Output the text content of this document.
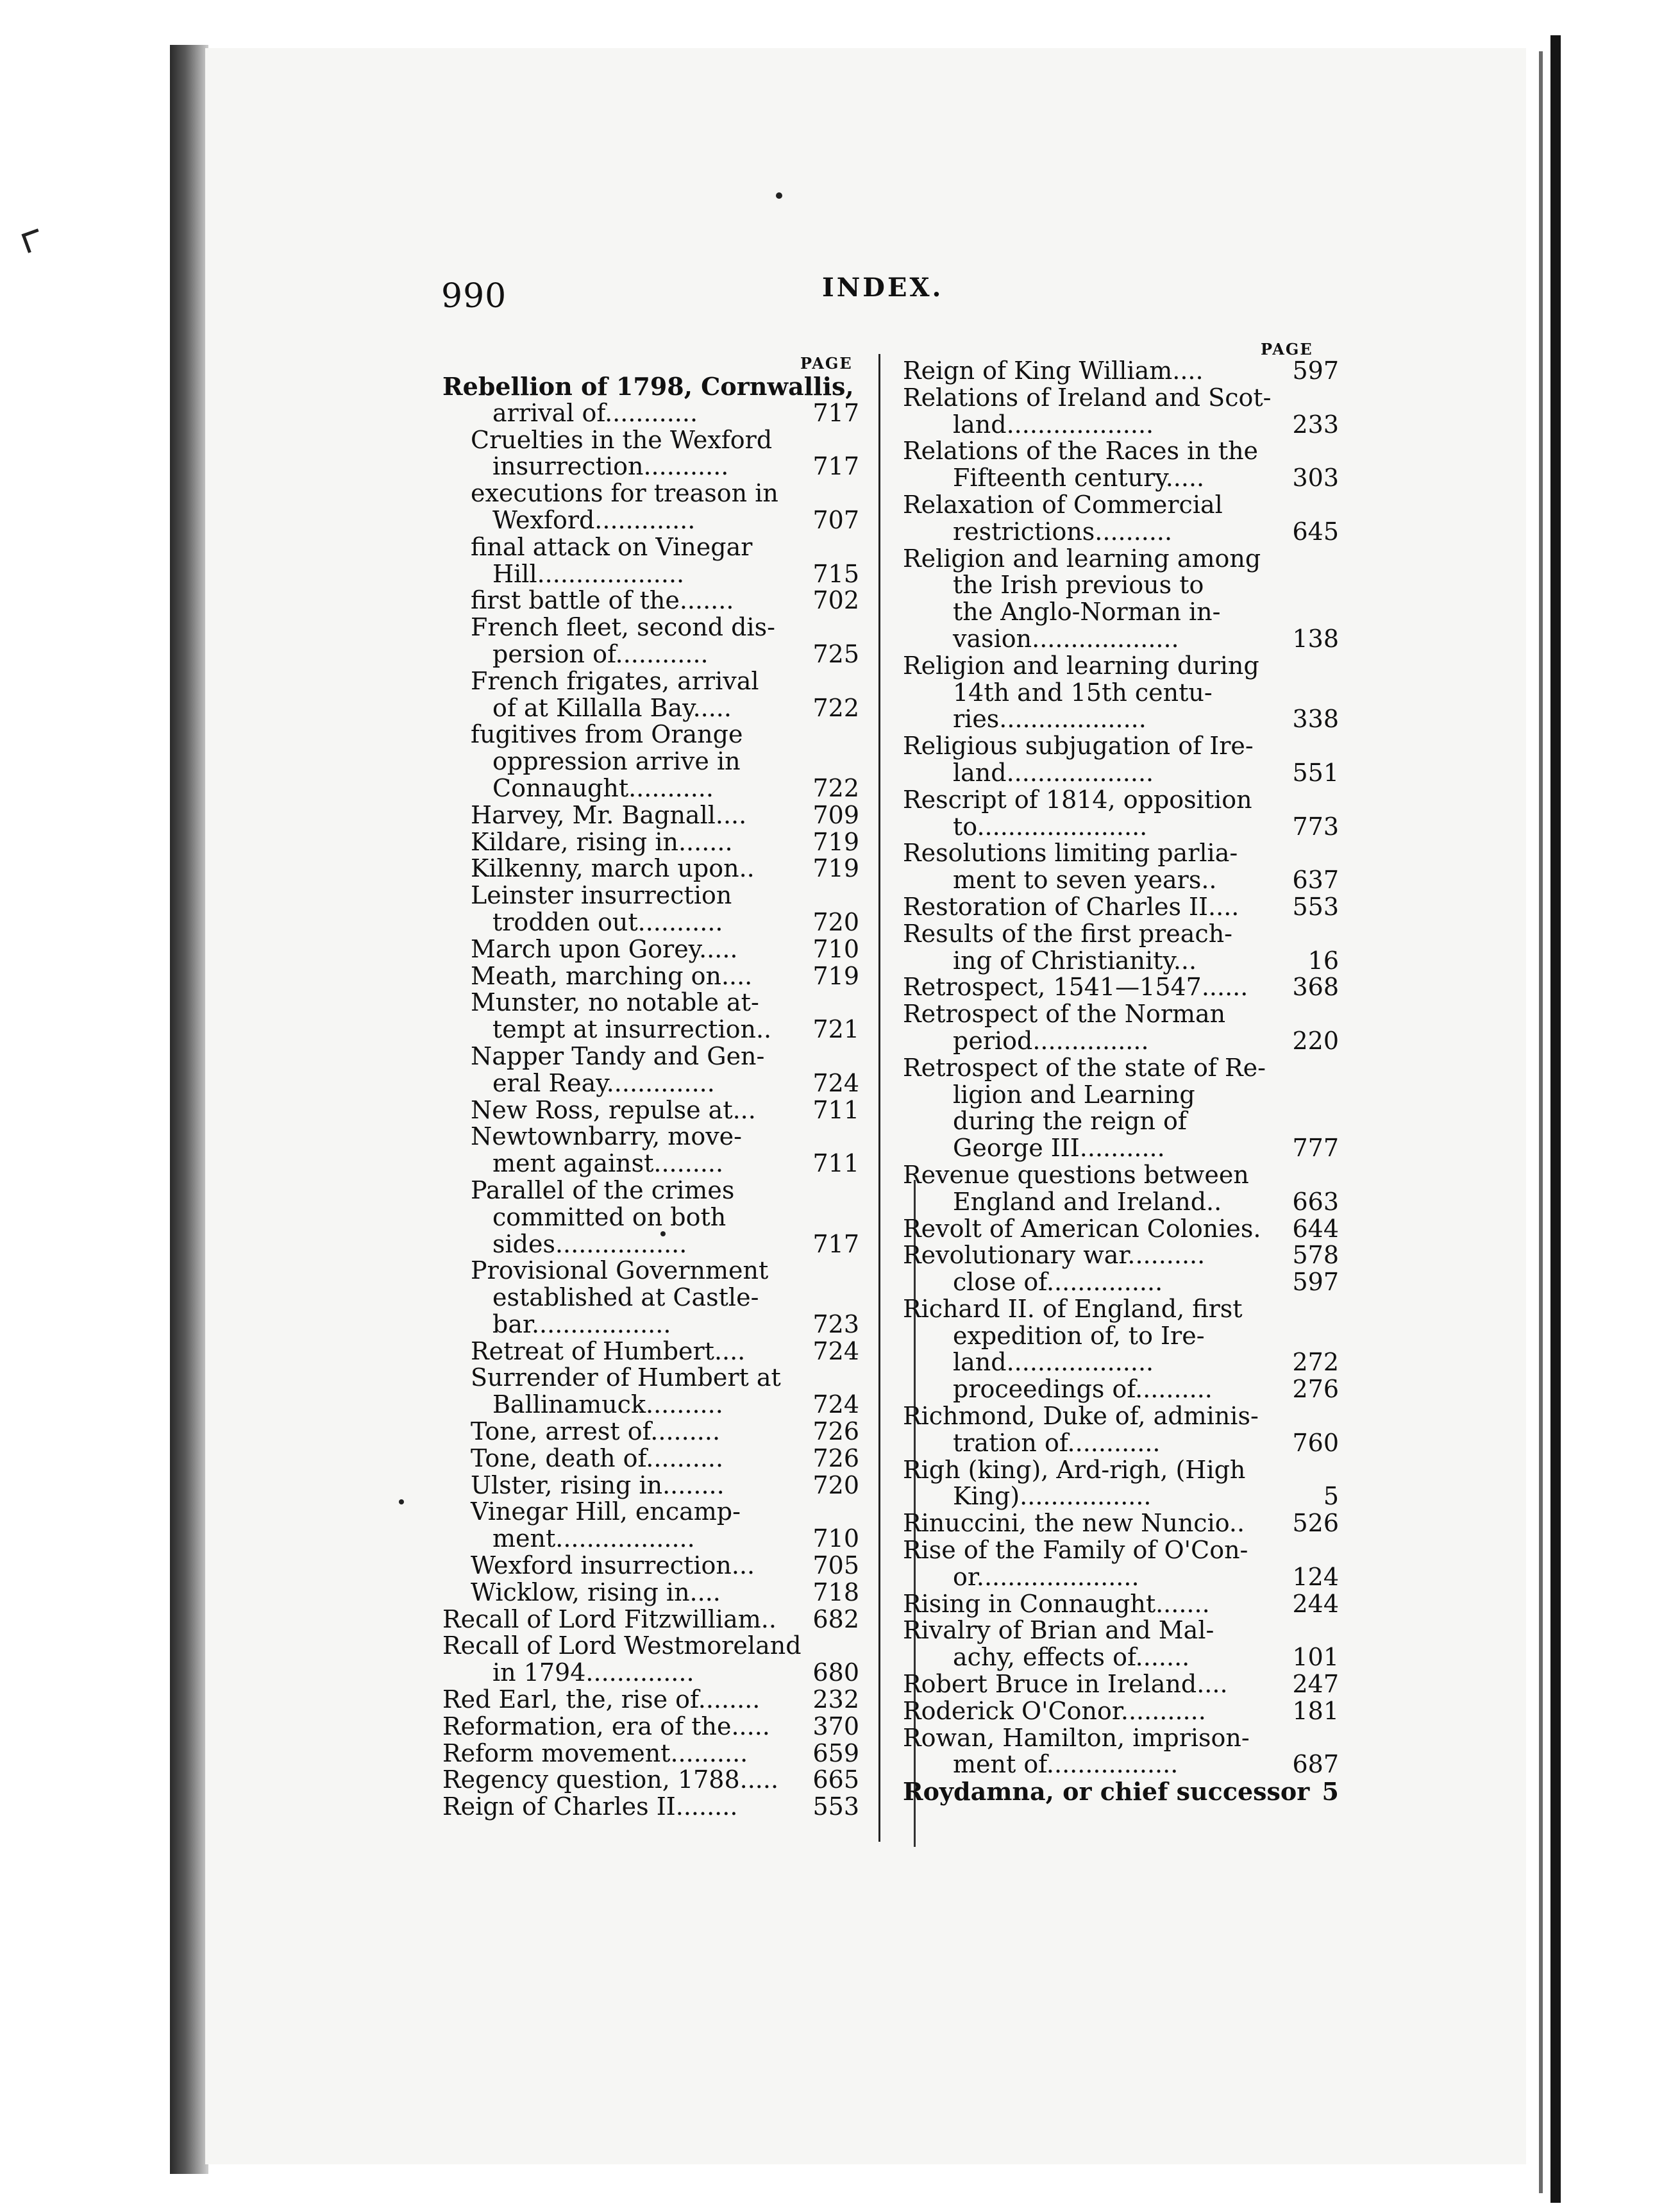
990	INDEX.
PAGE
PAGE
Rebellion of 1798, Cornwallis,
arrival of............	717
Cruelties in the Wexford
insurrection...........	717
executions for treason in
Wexford.............	707
final attack on Vinegar
Hill...................	715
first battle of the.......	702
French fleet, second dis-
persion of............	725
French frigates, arrival
of at Killalla Bay.....	722
fugitives from Orange
oppression arrive in
Connaught...........	722
Harvey, Mr. Bagnall....	709
Kildare, rising in.......	719
Kilkenny, march upon.. 719
Leinster insurrection
trodden out...........	720
March upon Gorey.....	710
Meath, marching on.... 719
Munster, no notable at-
tempt at insurrection.. 721
Napper Tandy and Gen-
eral Reay..............	724
New Ross, repulse at... 711
Newtownbarry, move-
ment against.........	711
Parallel of the crimes
committed on both
sides.................	717
Provisional Government
established at Castle-
bar..................	723
Retreat of Humbert....	724
Surrender of Humbert at
Ballinamuck..........	724
Tone, arrest of.........	726
Tone, death of..........	726
Ulster, rising in........	720
Vinegar Hill, encamp-
ment..................	710
Wexford insurrection... 705
Wicklow, rising in....	718
Recall of Lord Fitzwilliam.. 682
Recall of Lord Westmoreland
in 1794..............	680
Red Earl, the, rise of........ 232
Reformation, era of the..... 370
Reform movement..........	659
Regency question, 1788..... 665
Reign of Charles II........	553
Reign of King William....	597
Relations of Ireland and Scot-
land...................	233
Relations of the Races in the
Fifteenth century.....	303
Relaxation of Commercial
restrictions..........	645
Religion and learning among
the Irish previous to
the Anglo-Norman in-
vasion...................	138
Religion and learning during
14th and 15th centu-
ries...................	338
Religious subjugation of Ire-
land...................	551
Rescript of 1814, opposition
to......................	773
Resolutions limiting parlia-
ment to seven years..	637
Restoration of Charles II.... 553
Results of the first preach-
ing of Christianity...	16
Retrospect, 1541—1547...... 368
Retrospect of the Norman
period...............	220
Retrospect of the state of Re-
ligion and Learning
during the reign of
George III...........	777
Revenue questions between
England and Ireland..	663
Revolt of American Colonies. 644
Revolutionary war..........	578
close of...............	597
Richard II. of England, first
expedition of, to Ire-
land...................	272
proceedings of..........	276
Richmond, Duke of, adminis-
tration of............	760
Righ (king), Ard-righ, (High
King).................	5
Rinuccini, the new Nuncio.. 526
Rise of the Family of O'Con-
or.....................	124
Rising in Connaught.......	244
Rivalry of Brian and Mal-
achy, effects of.......	101
Robert Bruce in Ireland....	247
Roderick O'Conor...........	181
Rowan, Hamilton, imprison-
ment of.................	687
Roydamna, or chief successor 5
